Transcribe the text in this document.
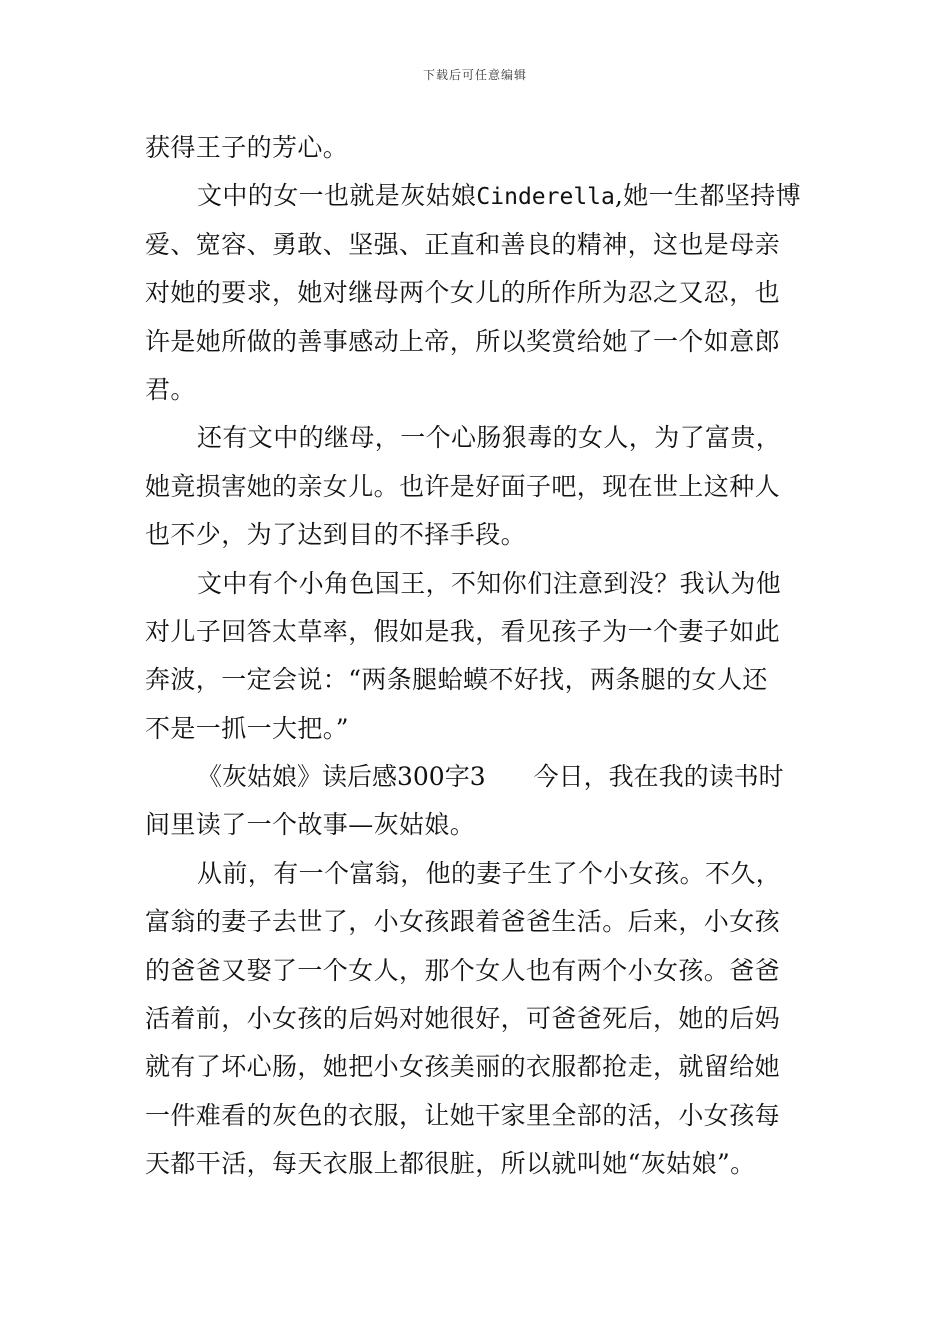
下载后可任意编辑
获得王子的芳心。
文中的女一也就是灰姑娘Cinderella,她一生都坚持博
爱、宽容、勇敢、坚强、正直和善良的精神，这也是母亲
对她的要求，她对继母两个女儿的所作所为忍之又忍，也
许是她所做的善事感动上帝，所以奖赏给她了一个如意郎
君。
还有文中的继母，一个心肠狠毒的女人，为了富贵，
她竟损害她的亲女儿。也许是好面子吧，现在世上这种人
也不少，为了达到目的不择手段。
文中有个小角色国王，不知你们注意到没？我认为他
对儿子回答太草率，假如是我，看见孩子为一个妻子如此
奔波，一定会说：“两条腿蛤蟆不好找，两条腿的女人还
不是一抓一大把。”
《灰姑娘》读后感300字3 今日，我在我的读书时
间里读了一个故事—灰姑娘。
从前，有一个富翁，他的妻子生了个小女孩。不久，
富翁的妻子去世了，小女孩跟着爸爸生活。后来，小女孩
的爸爸又娶了一个女人，那个女人也有两个小女孩。爸爸
活着前，小女孩的后妈对她很好，可爸爸死后，她的后妈
就有了坏心肠，她把小女孩美丽的衣服都抢走，就留给她
一件难看的灰色的衣服，让她干家里全部的活，小女孩每
天都干活，每天衣服上都很脏，所以就叫她“灰姑娘”。
